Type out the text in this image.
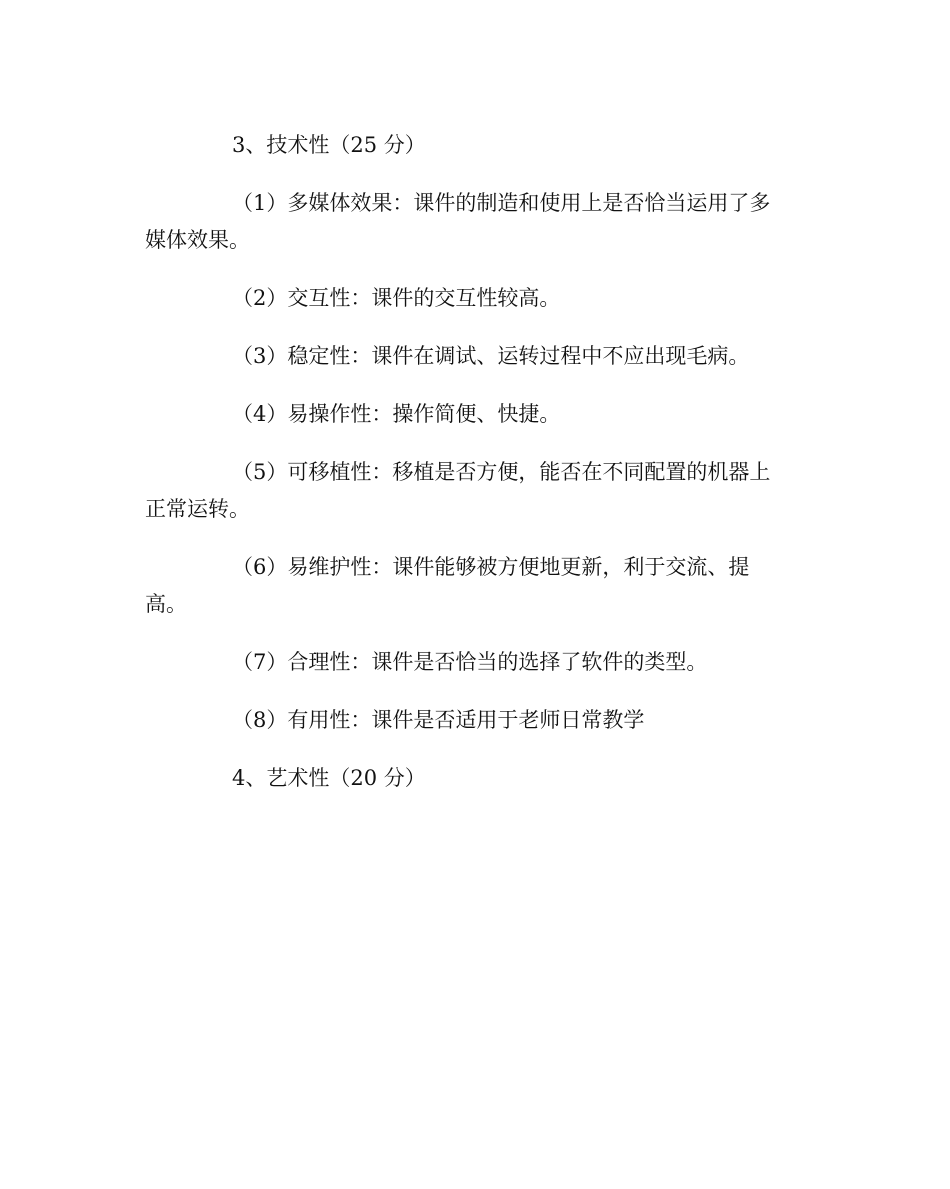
3、技术性（25 分）

（1）多媒体效果：课件的制造和使用上是否恰当运用了多
媒体效果。

（2）交互性：课件的交互性较高。

（3）稳定性：课件在调试、运转过程中不应出现毛病。

（4）易操作性：操作简便、快捷。

（5）可移植性：移植是否方便，能否在不同配置的机器上
正常运转。

（6）易维护性：课件能够被方便地更新，利于交流、提
高。

（7）合理性：课件是否恰当的选择了软件的类型。

（8）有用性：课件是否适用于老师日常教学

4、艺术性（20 分）
